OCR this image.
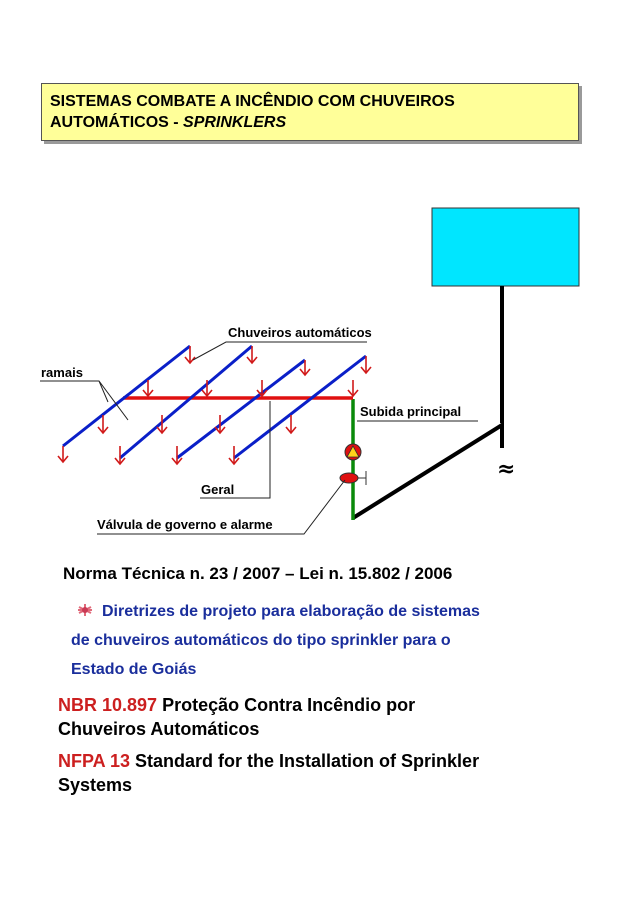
SISTEMAS COMBATE A INCÊNDIO COM CHUVEIROS
AUTOMÁTICOS - SPRINKLERS
≈
Chuveiros automáticos
ramais
Subida principal
Geral
Válvula de governo e alarme
Norma Técnica n. 23 / 2007 – Lei n. 15.802 / 2006
Diretrizes de projeto para elaboração de sistemas
de chuveiros automáticos do tipo sprinkler para o
Estado de Goiás
NBR 10.897 Proteção Contra Incêndio por
Chuveiros Automáticos
NFPA 13 Standard for the Installation of Sprinkler
Systems
